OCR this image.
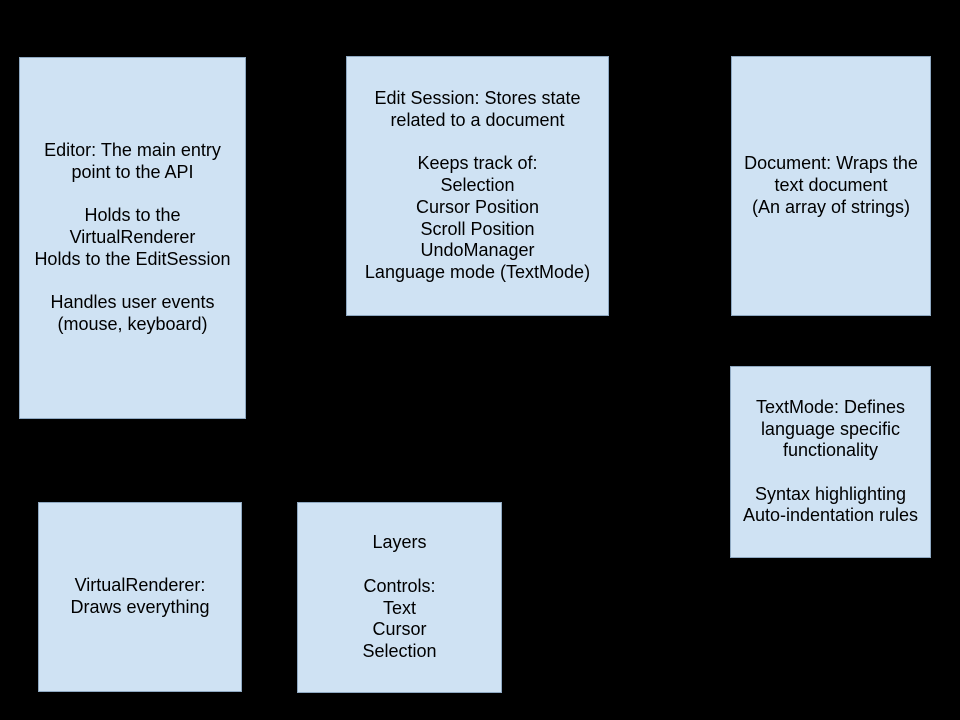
Editor: The main entry
point to the API

Holds to the
VirtualRenderer
Holds to the EditSession

Handles user events
(mouse, keyboard)
Edit Session: Stores state
related to a document

Keeps track of:
Selection
Cursor Position
Scroll Position
UndoManager
Language mode (TextMode)
Document: Wraps the
text document
(An array of strings)
TextMode: Defines
language specific
functionality

Syntax highlighting
Auto-indentation rules
VirtualRenderer:
Draws everything
Layers

Controls:
Text
Cursor
Selection
